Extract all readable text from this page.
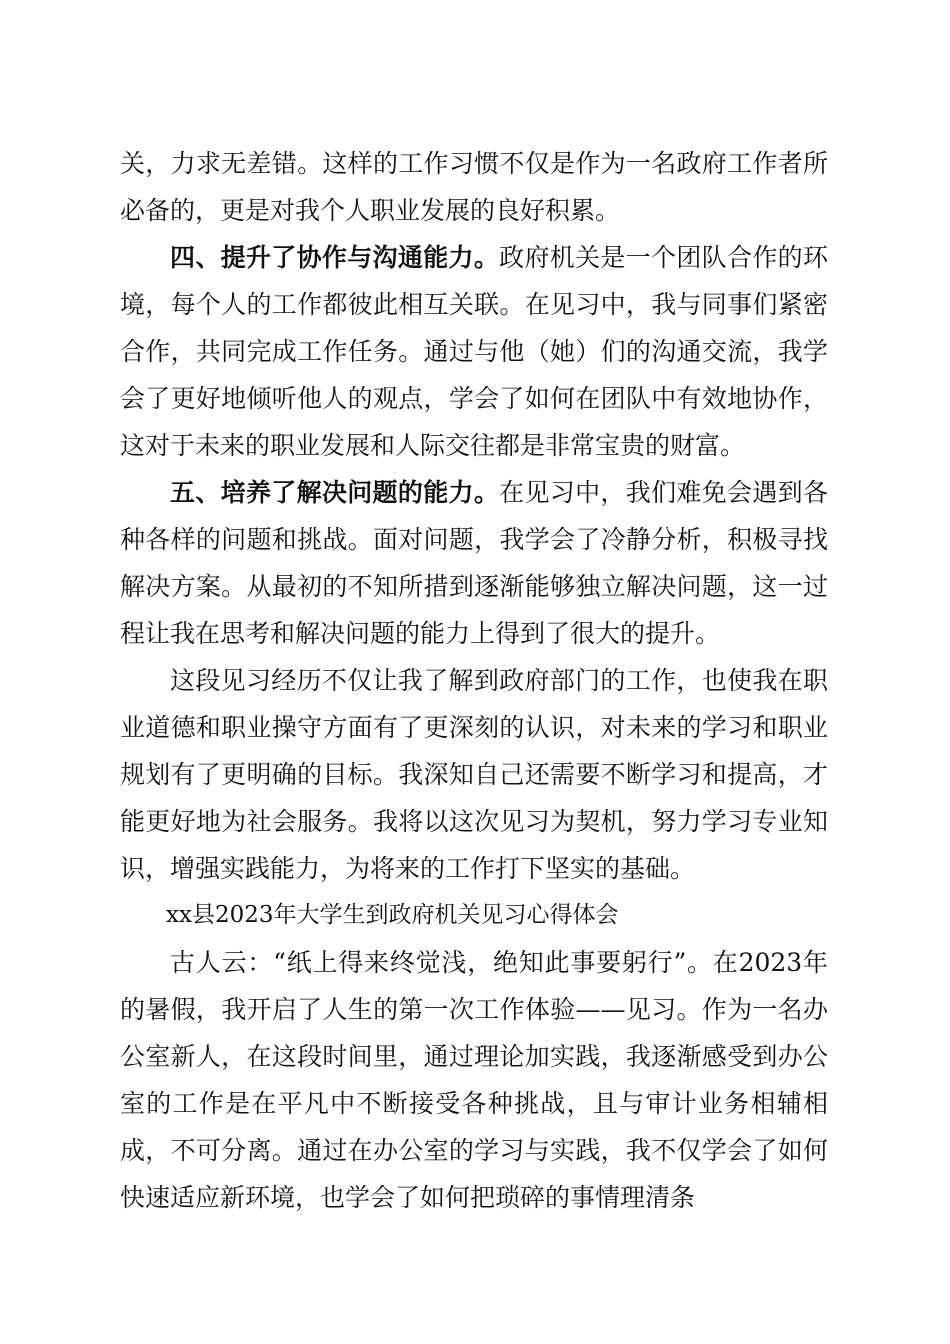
关，力求无差错。这样的工作习惯不仅是作为一名政府工作者所必备的，更是对我个人职业发展的良好积累。

四、提升了协作与沟通能力。政府机关是一个团队合作的环境，每个人的工作都彼此相互关联。在见习中，我与同事们紧密合作，共同完成工作任务。通过与他（她）们的沟通交流，我学会了更好地倾听他人的观点，学会了如何在团队中有效地协作，这对于未来的职业发展和人际交往都是非常宝贵的财富。

五、培养了解决问题的能力。在见习中，我们难免会遇到各种各样的问题和挑战。面对问题，我学会了冷静分析，积极寻找解决方案。从最初的不知所措到逐渐能够独立解决问题，这一过程让我在思考和解决问题的能力上得到了很大的提升。

这段见习经历不仅让我了解到政府部门的工作，也使我在职业道德和职业操守方面有了更深刻的认识，对未来的学习和职业规划有了更明确的目标。我深知自己还需要不断学习和提高，才能更好地为社会服务。我将以这次见习为契机，努力学习专业知识，增强实践能力，为将来的工作打下坚实的基础。

xx县2023年大学生到政府机关见习心得体会

古人云：“纸上得来终觉浅，绝知此事要躬行”。在2023年的暑假，我开启了人生的第一次工作体验——见习。作为一名办公室新人，在这段时间里，通过理论加实践，我逐渐感受到办公室的工作是在平凡中不断接受各种挑战，且与审计业务相辅相成，不可分离。通过在办公室的学习与实践，我不仅学会了如何快速适应新环境，也学会了如何把琐碎的事情理清条
